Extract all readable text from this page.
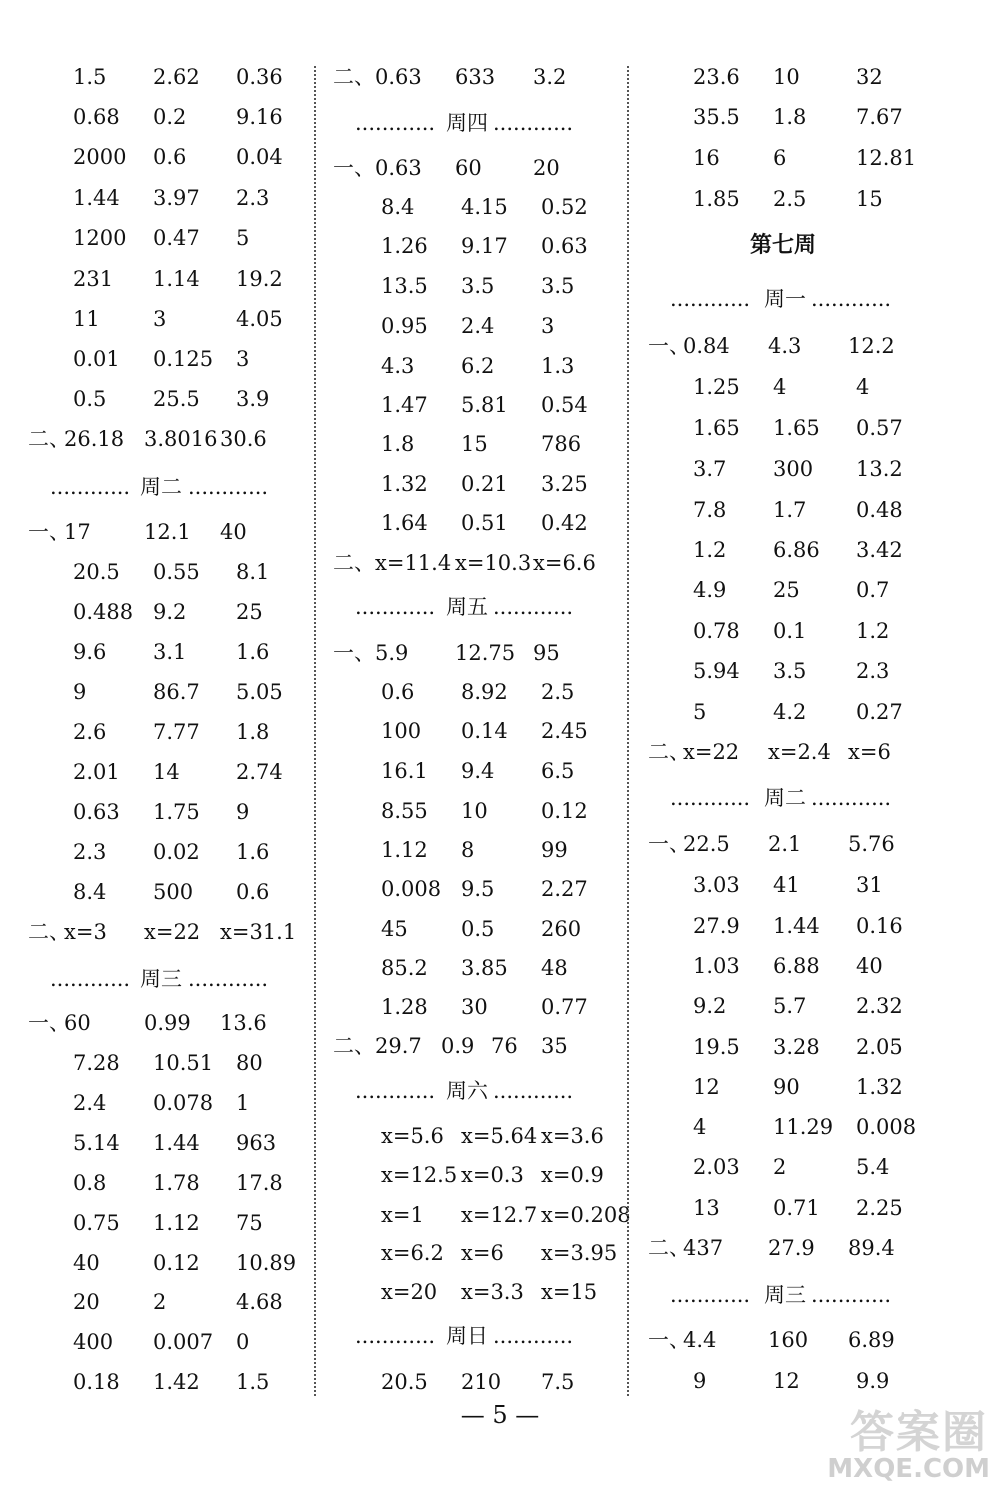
1.5 2.62 0.36
0.68 0.2 9.16
2000 0.6 0.04
1.44 3.97 2.3
1200 0.47 5
231 1.14 19.2
11	3	4.05
0.01 0.125 3
0.5 25.5 3.9
二、
26.18 3.8016 30.6
............ 周二 ............
一、
17	12.1 40
20.5 0.55 8.1
0.488 9.2 25
9.6 3.1 1.6
9	86.7 5.05
2.6 7.77 1.8
2.01 14	2.74
0.63 1.75 9
2.3 0.02 1.6
8.4 500 0.6
二、
x=3 x=22 x=31.1
............ 周三 ............
一、
60	0.99 13.6
7.28 10.51 80
2.4 0.078 1
5.14 1.44 963
0.8 1.78 17.8
0.75 1.12 75
40	0.12 10.89
20	2	4.68
400 0.007 0
0.18 1.42 1.5
二、 0.63 633 3.2
............ 周四 ............
一、 0.63 60 20
8.4 4.15 0.52
1.26 9.17 0.63
13.5 3.5 3.5
0.95 2.4 3
4.3 6.2 1.3
1.47 5.81 0.54
1.8 15	786
1.32 0.21 3.25
1.64 0.51 0.42
二、 x=11.4 x=10.3 x=6.6
............ 周五 ............
一、 5.9 12.75 95
0.6 8.92 2.5
100 0.14 2.45
16.1 9.4 6.5
8.55 10	0.12
1.12 8	99
0.008 9.5 2.27
45	0.5 260
85.2 3.85 48
1.28 30	0.77
二、 29.7 0.9 76 35
............ 周六 ............
x=5.6 x=5.64 x=3.6
x=12.5 x=0.3 x=0.9
x=1 x=12.7 x=0.208
x=6.2 x=6 x=3.95
x=20 x=3.3 x=15
............ 周日 ............
20.5 210 7.5
23.6 10	32
35.5 1.8 7.67
16	6	12.81
1.85 2.5 15
第七周
............ 周一 ............
一、
0.84 4.3 12.2
1.25 4	4
1.65 1.65 0.57
3.7 300 13.2
7.8 1.7 0.48
1.2 6.86 3.42
4.9 25	0.7
0.78 0.1 1.2
5.94 3.5 2.3
5	4.2 0.27
二、
x=22 x=2.4 x=6
............ 周二 ............
一、
22.5 2.1 5.76
3.03 41	31
27.9 1.44 0.16
1.03 6.88 40
9.2 5.7 2.32
19.5 3.28 2.05
12	90	1.32
4	11.29 0.008
2.03 2	5.4
13	0.71 2.25
二、
437 27.9 89.4
............ 周三 ............
一、
4.4 160 6.89
9	12	9.9
— 5 —	答案圈
MXQE.COM
